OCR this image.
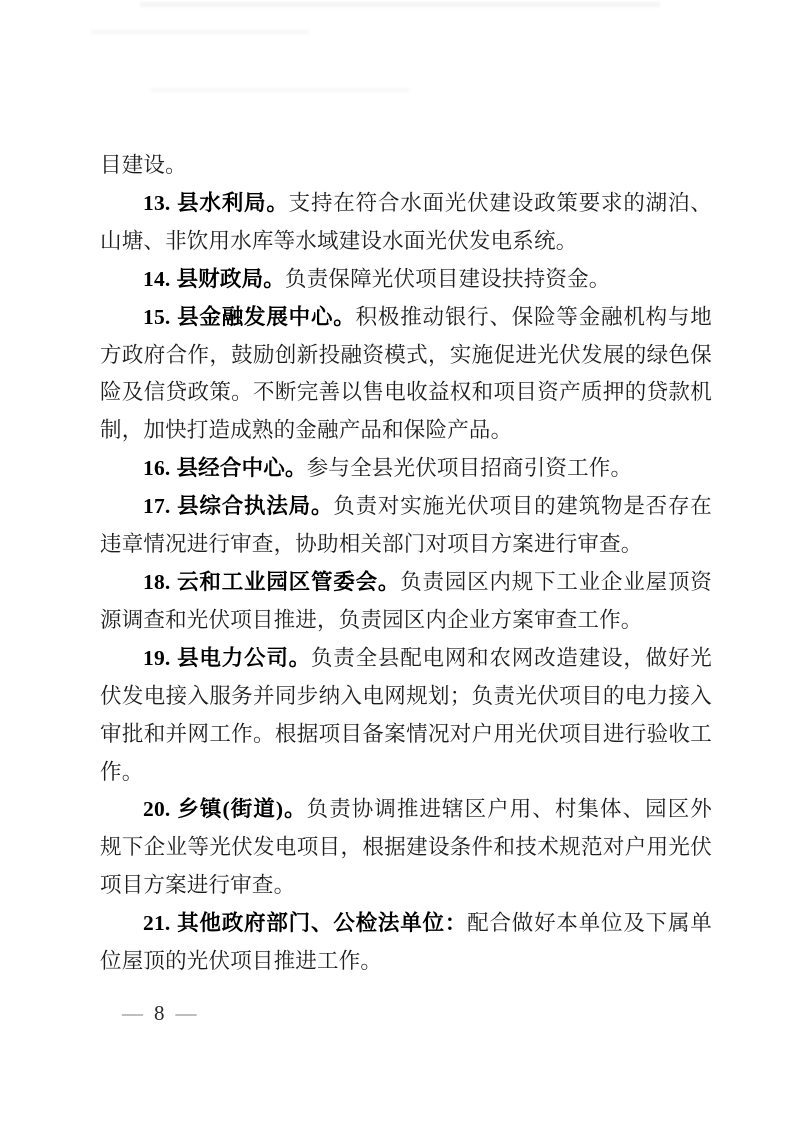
目建设。

13. 县水利局。支持在符合水面光伏建设政策要求的湖泊、山塘、非饮用水库等水域建设水面光伏发电系统。

14. 县财政局。负责保障光伏项目建设扶持资金。

15. 县金融发展中心。积极推动银行、保险等金融机构与地方政府合作，鼓励创新投融资模式，实施促进光伏发展的绿色保险及信贷政策。不断完善以售电收益权和项目资产质押的贷款机制，加快打造成熟的金融产品和保险产品。

16. 县经合中心。参与全县光伏项目招商引资工作。

17. 县综合执法局。负责对实施光伏项目的建筑物是否存在违章情况进行审查，协助相关部门对项目方案进行审查。

18. 云和工业园区管委会。负责园区内规下工业企业屋顶资源调查和光伏项目推进，负责园区内企业方案审查工作。

19. 县电力公司。负责全县配电网和农网改造建设，做好光伏发电接入服务并同步纳入电网规划；负责光伏项目的电力接入审批和并网工作。根据项目备案情况对户用光伏项目进行验收工作。

20. 乡镇(街道)。负责协调推进辖区户用、村集体、园区外规下企业等光伏发电项目，根据建设条件和技术规范对户用光伏项目方案进行审查。

21. 其他政府部门、公检法单位：配合做好本单位及下属单位屋顶的光伏项目推进工作。

— 8 —
